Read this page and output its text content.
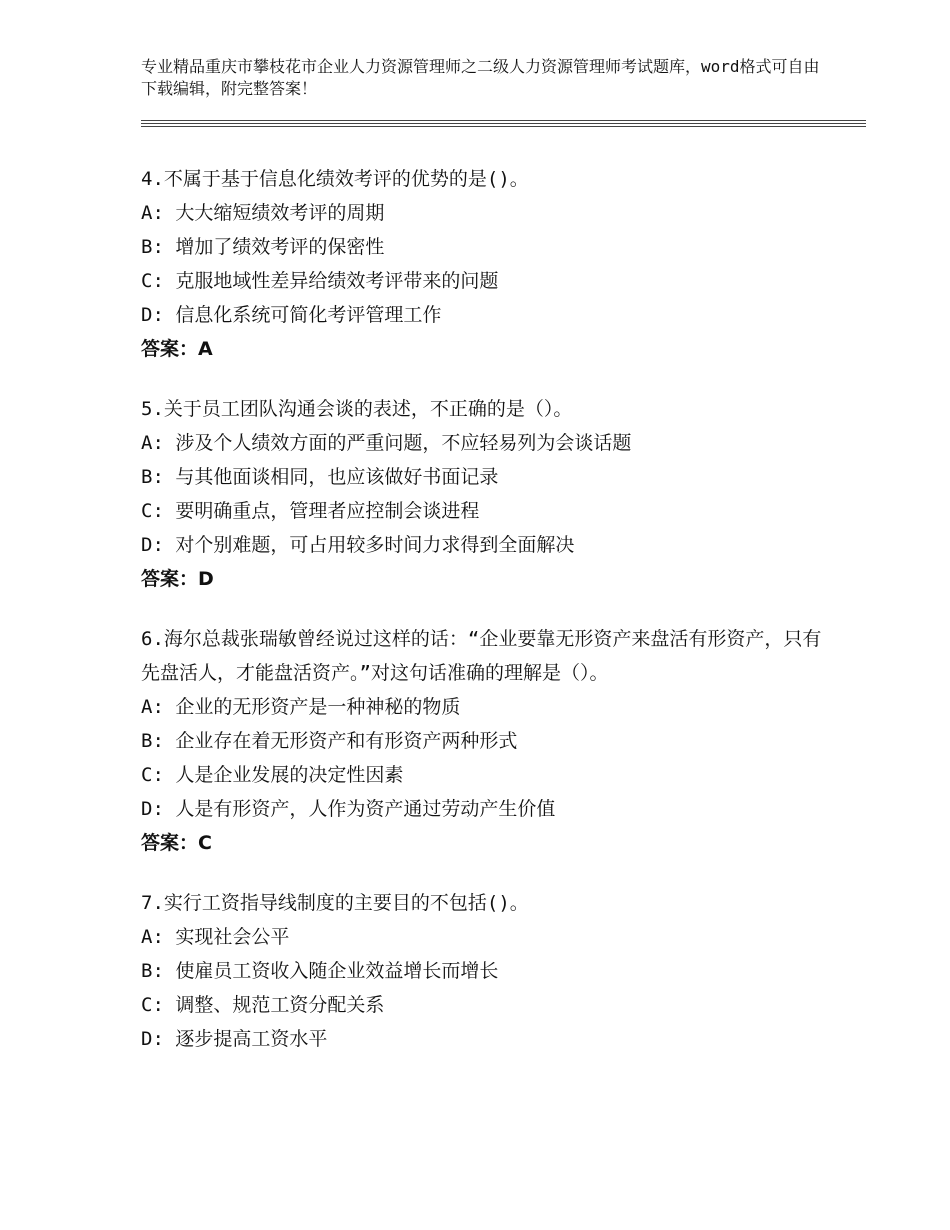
专业精品重庆市攀枝花市企业人力资源管理师之二级人力资源管理师考试题库，word格式可自由下载编辑，附完整答案！

4.不属于基于信息化绩效考评的优势的是()。

A: 大大缩短绩效考评的周期

B: 增加了绩效考评的保密性

C: 克服地域性差异给绩效考评带来的问题

D: 信息化系统可简化考评管理工作

答案：A

5.关于员工团队沟通会谈的表述，不正确的是（）。

A: 涉及个人绩效方面的严重问题，不应轻易列为会谈话题

B: 与其他面谈相同，也应该做好书面记录

C: 要明确重点，管理者应控制会谈进程

D: 对个别难题，可占用较多时间力求得到全面解决

答案：D

6.海尔总裁张瑞敏曾经说过这样的话：“企业要靠无形资产来盘活有形资产，只有先盘活人，才能盘活资产。”对这句话准确的理解是（）。

A: 企业的无形资产是一种神秘的物质

B: 企业存在着无形资产和有形资产两种形式

C: 人是企业发展的决定性因素

D: 人是有形资产，人作为资产通过劳动产生价值

答案：C

7.实行工资指导线制度的主要目的不包括()。

A: 实现社会公平

B: 使雇员工资收入随企业效益增长而增长

C: 调整、规范工资分配关系

D: 逐步提高工资水平
